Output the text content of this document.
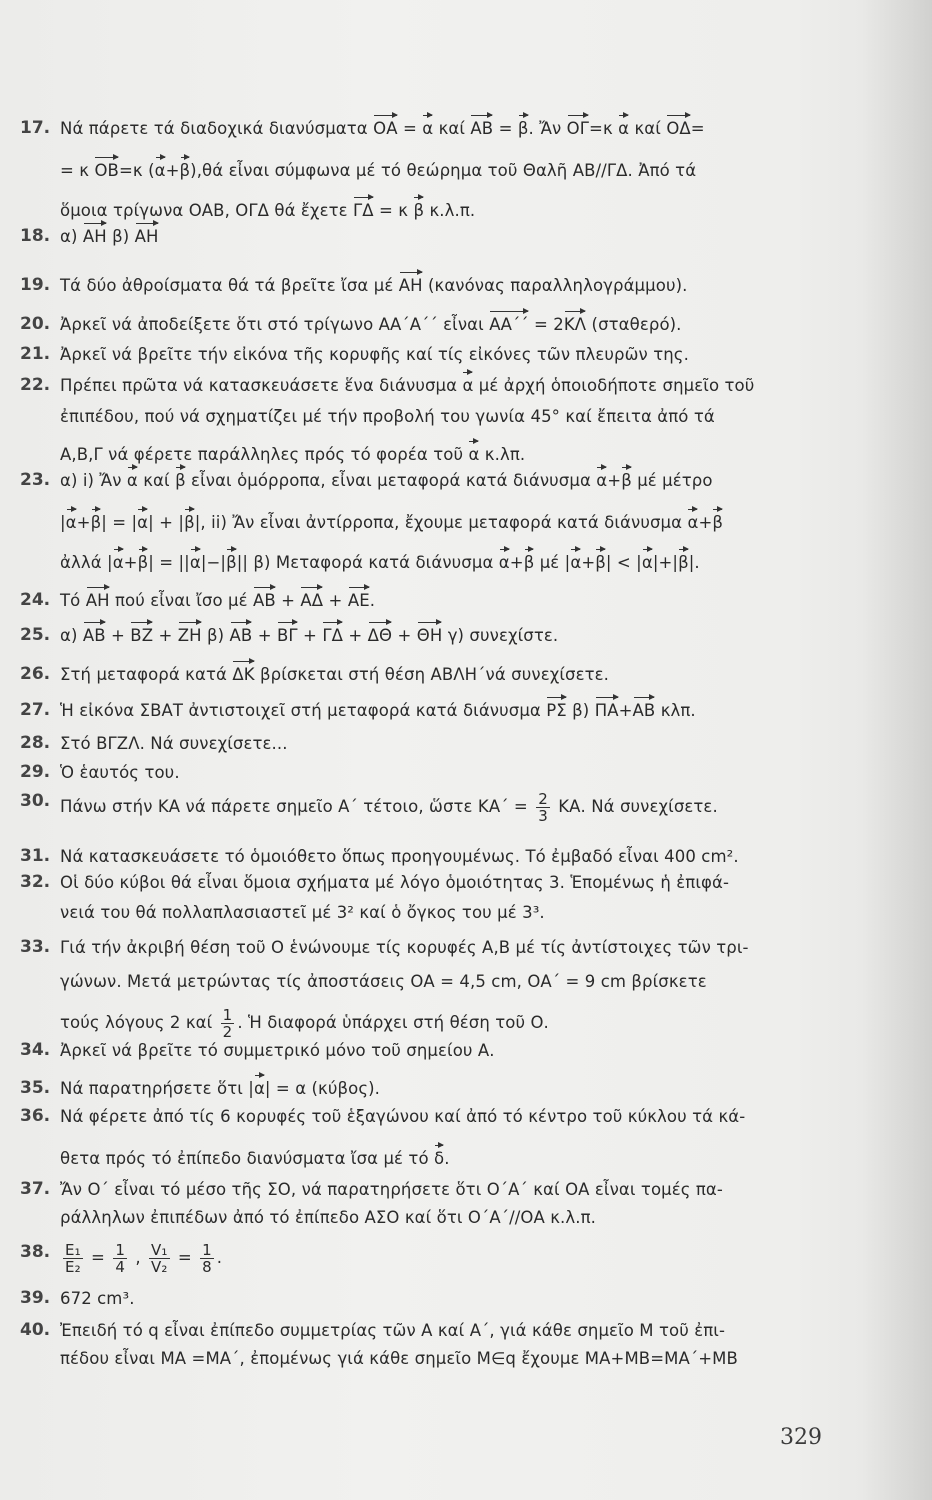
17. Νά πάρετε τά διαδοχικά διανύσματα ΟΑ = α καί ΑΒ = β. Ἄν ΟΓ=κ α καί ΟΔ=
= κ ΟΒ=κ (α+β),θά εἶναι σύμφωνα μέ τό θεώρημα τοῦ Θαλῆ ΑΒ//ΓΔ. Ἀπό τά
ὅμοια τρίγωνα ΟΑΒ, ΟΓΔ θά ἔχετε ΓΔ = κ β κ.λ.π.
18. α) ΑΗ β) ΑΗ
19. Τά δύο ἀθροίσματα θά τά βρεῖτε ἴσα μέ ΑΗ (κανόνας παραλληλογράμμου).
20. Ἀρκεῖ νά ἀποδείξετε ὅτι στό τρίγωνο ΑΑ΄Α΄΄ εἶναι ΑΑ΄΄ = 2ΚΛ (σταθερό).
21. Ἀρκεῖ νά βρεῖτε τήν εἰκόνα τῆς κορυφῆς καί τίς εἰκόνες τῶν πλευρῶν της.
22. Πρέπει πρῶτα νά κατασκευάσετε ἕνα διάνυσμα α μέ ἀρχή ὁποιοδήποτε σημεῖο τοῦ
ἐπιπέδου, πού νά σχηματίζει μέ τήν προβολή του γωνία 45° καί ἔπειτα ἀπό τά
Α,Β,Γ νά φέρετε παράλληλες πρός τό φορέα τοῦ α κ.λπ.
23. α) i) Ἄν α καί β εἶναι ὁμόρροπα, εἶναι μεταφορά κατά διάνυσμα α+β μέ μέτρο
|α+β| = |α| + |β|, ii) Ἄν εἶναι ἀντίρροπα, ἔχουμε μεταφορά κατά διάνυσμα α+β
ἀλλά |α+β| = ||α|−|β|| β) Μεταφορά κατά διάνυσμα α+β μέ |α+β| < |α|+|β|.
24. Τό ΑΗ πού εἶναι ἴσο μέ ΑΒ + ΑΔ + ΑΕ.
25. α) ΑΒ + ΒΖ + ΖΗ β) ΑΒ + ΒΓ + ΓΔ + ΔΘ + ΘΗ γ) συνεχίστε.
26. Στή μεταφορά κατά ΔΚ βρίσκεται στή θέση ΑΒΛΗ΄νά συνεχίσετε.
27. Ἡ εἰκόνα ΣΒΑΤ ἀντιστοιχεῖ στή μεταφορά κατά διάνυσμα ΡΣ β) ΠΑ+ΑΒ κλπ.
28. Στό ΒΓΖΛ. Νά συνεχίσετε...
29. Ὁ ἑαυτός του.
30. Πάνω στήν ΚΑ νά πάρετε σημεῖο Α΄ τέτοιο, ὥστε $KA΄ = \frac{2}{3} KA$. Νά συνεχίσετε.
31. Νά κατασκευάσετε τό ὁμοιόθετο ὅπως προηγουμένως. Τό ἐμβαδό εἶναι 400 cm².
32. Οἱ δύο κύβοι θά εἶναι ὅμοια σχήματα μέ λόγο ὁμοιότητας 3. Ἑπομένως ἡ ἐπιφά-
νειά του θά πολλαπλασιαστεῖ μέ 3² καί ὁ ὄγκος του μέ 3³.
33. Γιά τήν ἀκριβή θέση τοῦ Ο ἑνώνουμε τίς κορυφές Α,Β μέ τίς ἀντίστοιχες τῶν τρι-
γώνων. Μετά μετρώντας τίς ἀποστάσεις ΟΑ = 4,5 cm, ΟΑ΄ = 9 cm βρίσκετε
τούς λόγους 2 καί $\frac{1}{2}$ . Ἡ διαφορά ὑπάρχει στή θέση τοῦ Ο.
34. Ἀρκεῖ νά βρεῖτε τό συμμετρικό μόνο τοῦ σημείου Α.
35. Νά παρατηρήσετε ὅτι |α| = α (κύβος).
36. Νά φέρετε ἀπό τίς 6 κορυφές τοῦ ἑξαγώνου καί ἀπό τό κέντρο τοῦ κύκλου τά κά-
θετα πρός τό ἐπίπεδο διανύσματα ἴσα μέ τό δ.
37. Ἄν Ο΄ εἶναι τό μέσο τῆς ΣΟ, νά παρατηρήσετε ὅτι Ο΄Α΄ καί ΟΑ εἶναι τομές πα-
ράλληλων ἐπιπέδων ἀπό τό ἐπίπεδο ΑΣΟ καί ὅτι Ο΄Α΄//ΟΑ κ.λ.π.
38. $\frac{\text{Ε₁}}{\text{Ε₂}} = \frac{1}{4}$ , $\frac{\text{V₁}}{\text{V₂}} = \frac{1}{8}$ .
39. 672 cm³.
40. Ἐπειδή τό q εἶναι ἐπίπεδο συμμετρίας τῶν Α καί Α΄, γιά κάθε σημεῖο Μ τοῦ ἐπι-
πέδου εἶναι ΜΑ =ΜΑ΄, ἐπομένως γιά κάθε σημεῖο Μ∈q ἔχουμε ΜΑ+ΜΒ=ΜΑ΄+ΜΒ
329
